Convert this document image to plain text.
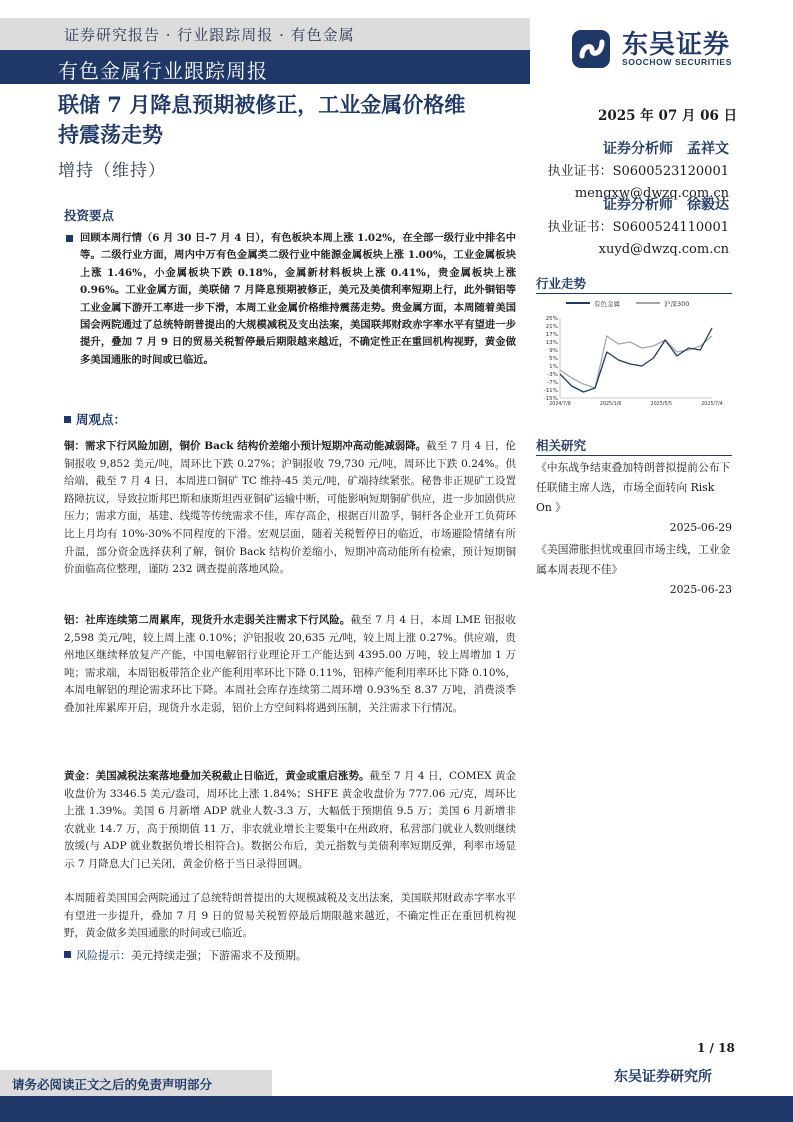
证券研究报告 · 行业跟踪周报 · 有色金属
有色金属行业跟踪周报
东吴证券
SOOCHOW SECURITIES
联储 7 月降息预期被修正，工业金属价格维
持震荡走势
增持（维持）
2025 年 07 月 06 日
证券分析师 孟祥文
执业证书：S0600523120001
mengxw@dwzq.com.cn
证券分析师 徐毅达
执业证书：S0600524110001
xuyd@dwzq.com.cn
投资要点
回顾本周行情（6 月 30 日-7 月 4 日），有色板块本周上涨 1.02%，在全部一级行业中排名中等。二级行业方面，周内中万有色金属类二级行业中能源金属板块上涨 1.00%，工业金属板块上涨 1.46%，小金属板块下跌 0.18%，金属新材料板块上涨 0.41%，贵金属板块上涨 0.96%。工业金属方面，美联储 7 月降息预期被修正，美元及美债利率短期上行，此外铜铝等工业金属下游开工率进一步下滑，本周工业金属价格维持震荡走势。贵金属方面，本周随着美国国会两院通过了总统特朗普提出的大规模减税及支出法案，美国联邦财政赤字率水平有望进一步提升，叠加 7 月 9 日的贸易关税暂停最后期限越来越近，不确定性正在重回机构视野，黄金做多美国通胀的时间或已临近。
周观点：
铜：需求下行风险加剧，铜价 Back 结构价差缩小预计短期冲高动能减弱降。截至 7 月 4 日，伦铜报收 9,852 美元/吨，周环比下跌 0.27%；沪铜报收 79,730 元/吨，周环比下跌 0.24%。供给端，截至 7 月 4 日，本周进口铜矿 TC 维持-45 美元/吨，矿端持续紧张。秘鲁非正规矿工设置路障抗议，导致拉斯邦巴斯和康斯坦西亚铜矿运输中断，可能影响短期铜矿供应，进一步加剧供应压力；需求方面，基建、线缆等传统需求不佳，库存高企，根据百川盈孚，铜杆各企业开工负荷环比上月均有 10%-30%不同程度的下滑。宏观层面，随着关税暂停日的临近，市场避险情绪有所升温，部分资金选择获利了解，铜价 Back 结构价差缩小，短期冲高动能所有检索，预计短期铜价面临高位整理，谨防 232 调查提前落地风险。
铝：社库连续第二周累库，现货升水走弱关注需求下行风险。截至 7 月 4 日，本周 LME 铝报收 2,598 美元/吨，较上周上涨 0.10%；沪铝报收 20,635 元/吨，较上周上涨 0.27%。供应端，贵州地区继续释放复产产能，中国电解铝行业理论开工产能达到 4395.00 万吨，较上周增加 1 万吨；需求端，本周铝板带箔企业产能利用率环比下降 0.11%，铝棒产能利用率环比下降 0.10%，本周电解铝的理论需求环比下降。本周社会库存连续第二周环增 0.93%至 8.37 万吨，消费淡季叠加社库累库开启，现货升水走弱，铝价上方空间料将遇到压制，关注需求下行情况。
黄金：美国减税法案落地叠加关税截止日临近，黄金或重启涨势。截至 7 月 4 日，COMEX 黄金收盘价为 3346.5 美元/盎司，周环比上涨 1.84%；SHFE 黄金收盘价为 777.06 元/克，周环比上涨 1.39%。美国 6 月新增 ADP 就业人数-3.3 万，大幅低于预期值 9.5 万；美国 6 月新增非农就业 14.7 万，高于预期值 11 万，非农就业增长主要集中在州政府，私营部门就业人数则继续放缓(与 ADP 就业数据负增长相符合)。数据公布后，美元指数与美债利率短期反弹，利率市场显示 7 月降息大门已关闭，黄金价格于当日录得回调。
本周随着美国国会两院通过了总统特朗普提出的大规模减税及支出法案，美国联邦财政赤字率水平有望进一步提升，叠加 7 月 9 日的贸易关税暂停最后期限越来越近，不确定性正在重回机构视野，黄金做多美国通胀的时间或已临近。
风险提示：美元持续走强；下游需求不及预期。
行业走势
有色金属	沪深300
25%
21%
17%
13%
9%
5%
1%
-3%
-7%
-11%
-15%
2024/7/8	2025/1/6	2025/5/5	2025/7/4
相关研究
《中东战争结束叠加特朗普拟提前公布下任联储主席人选，市场全面转向 Risk On 》
2025-06-29
《美国滞胀担忧或重回市场主线，工业金属本周表现不佳》
2025-06-23
1 / 18
请务必阅读正文之后的免责声明部分	东吴证券研究所
